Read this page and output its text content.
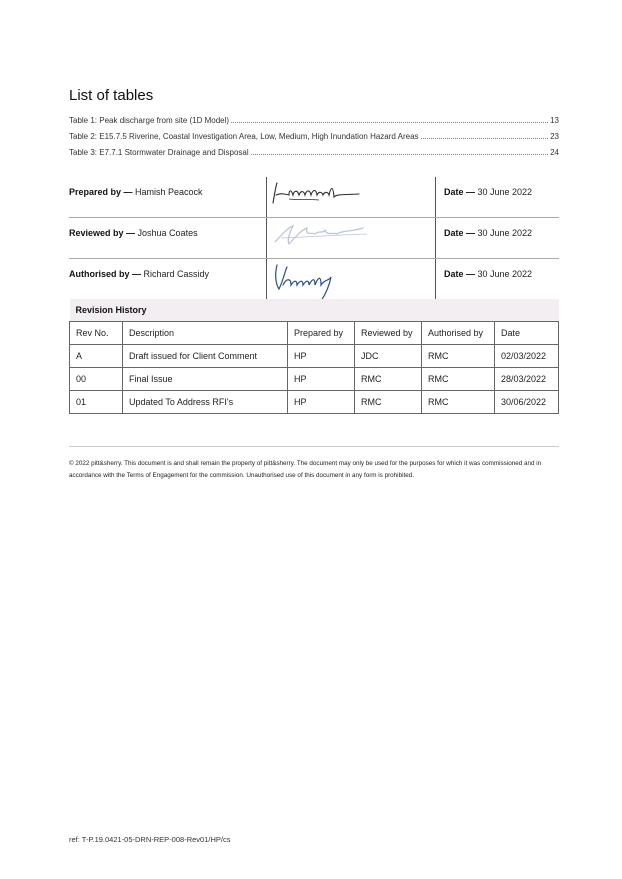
List of tables
Table 1: Peak discharge from site (1D Model)	13
Table 2: E15.7.5 Riverine, Coastal Investigation Area, Low, Medium, High Inundation Hazard Areas	23
Table 3: E7.7.1 Stormwater Drainage and Disposal	24
Prepared by — Hamish Peacock		Date — 30 June 2022
Reviewed by — Joshua Coates		Date — 30 June 2022
Authorised by — Richard Cassidy		Date — 30 June 2022
Revision History					
Rev No.	Description	Prepared by	Reviewed by	Authorised by	Date
A	Draft issued for Client Comment	HP	JDC	RMC	02/03/2022
00	Final Issue	HP	RMC	RMC	28/03/2022
01	Updated To Address RFI's	HP	RMC	RMC	30/06/2022

© 2022 pitt&sherry. This document is and shall remain the property of pitt&sherry. The document may only be used for the purposes for which it was commissioned and in accordance with the Terms of Engagement for the commission. Unauthorised use of this document in any form is prohibited.

ref: T-P.19.0421-05-DRN-REP-008-Rev01/HP/cs
